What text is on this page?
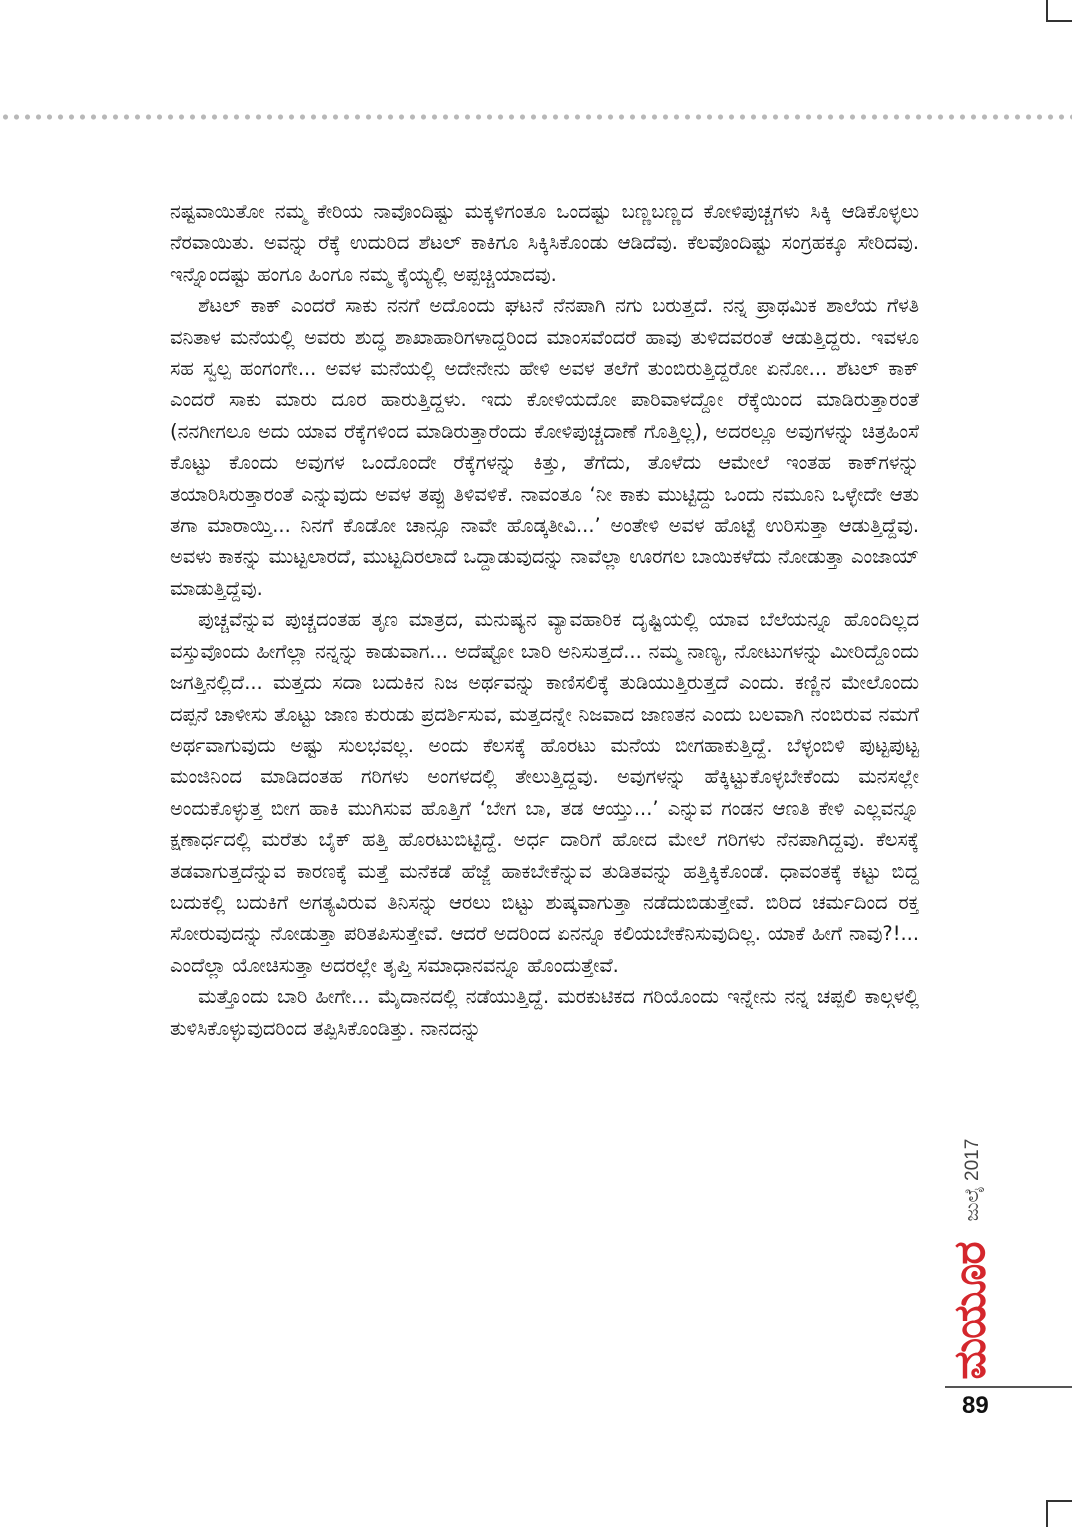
ನಷ್ಟವಾಯಿತೋ ನಮ್ಮ ಕೇರಿಯ ನಾವೊಂದಿಷ್ಟು ಮಕ್ಕಳಿಗಂತೂ ಒಂದಷ್ಟು ಬಣ್ಣಬಣ್ಣದ ಕೋಳಿಪುಚ್ಚಗಳು ಸಿಕ್ಕಿ ಆಡಿಕೊಳ್ಳಲು ನೆರವಾಯಿತು. ಅವನ್ನು ರೆಕ್ಕೆ ಉದುರಿದ ಶೆಟಲ್ ಕಾಕಿಗೂ ಸಿಕ್ಕಿಸಿಕೊಂಡು ಆಡಿದೆವು. ಕೆಲವೊಂದಿಷ್ಟು ಸಂಗ್ರಹಕ್ಕೂ ಸೇರಿದವು. ಇನ್ನೊಂದಷ್ಟು ಹಂಗೂ ಹಿಂಗೂ ನಮ್ಮ ಕೈಯ್ಯಲ್ಲಿ ಅಪ್ಪಚ್ಚಿಯಾದವು.

ಶೆಟಲ್ ಕಾಕ್ ಎಂದರೆ ಸಾಕು ನನಗೆ ಅದೊಂದು ಘಟನೆ ನೆನಪಾಗಿ ನಗು ಬರುತ್ತದೆ. ನನ್ನ ಪ್ರಾಥಮಿಕ ಶಾಲೆಯ ಗೆಳತಿ ವನಿತಾಳ ಮನೆಯಲ್ಲಿ ಅವರು ಶುದ್ಧ ಶಾಖಾಹಾರಿಗಳಾದ್ದರಿಂದ ಮಾಂಸವೆಂದರೆ ಹಾವು ತುಳಿದವರಂತೆ ಆಡುತ್ತಿದ್ದರು. ಇವಳೂ ಸಹ ಸ್ವಲ್ಪ ಹಂಗಂಗೇ... ಅವಳ ಮನೆಯಲ್ಲಿ ಅದೇನೇನು ಹೇಳಿ ಅವಳ ತಲೆಗೆ ತುಂಬಿರುತ್ತಿದ್ದರೋ ಏನೋ... ಶೆಟಲ್ ಕಾಕ್ ಎಂದರೆ ಸಾಕು ಮಾರು ದೂರ ಹಾರುತ್ತಿದ್ದಳು. ಇದು ಕೋಳಿಯದೋ ಪಾರಿವಾಳದ್ದೋ ರೆಕ್ಕೆಯಿಂದ ಮಾಡಿರುತ್ತಾರಂತೆ (ನನಗೀಗಲೂ ಅದು ಯಾವ ರೆಕ್ಕೆಗಳಿಂದ ಮಾಡಿರುತ್ತಾರೆಂದು ಕೋಳಿಪುಚ್ಚದಾಣೆ ಗೊತ್ತಿಲ್ಲ), ಅದರಲ್ಲೂ ಅವುಗಳನ್ನು ಚಿತ್ರಹಿಂಸೆ ಕೊಟ್ಟು ಕೊಂದು ಅವುಗಳ ಒಂದೊಂದೇ ರೆಕ್ಕೆಗಳನ್ನು ಕಿತ್ತು, ತೆಗೆದು, ತೊಳೆದು ಆಮೇಲೆ ಇಂತಹ ಕಾಕ್‌ಗಳನ್ನು ತಯಾರಿಸಿರುತ್ತಾರಂತೆ ಎನ್ನುವುದು ಅವಳ ತಪ್ಪು ತಿಳಿವಳಿಕೆ. ನಾವಂತೂ ‘ನೀ ಕಾಕು ಮುಟ್ಟಿದ್ದು ಒಂದು ನಮೂನಿ ಒಳ್ಳೇದೇ ಆತು ತಗಾ ಮಾರಾಯ್ತಿ... ನಿನಗೆ ಕೊಡೋ ಚಾನ್ಸೂ ನಾವೇ ಹೊಡ್ಕತೀವಿ...’ ಅಂತೇಳಿ ಅವಳ ಹೊಟ್ಟೆ ಉರಿಸುತ್ತಾ ಆಡುತ್ತಿದ್ದೆವು. ಅವಳು ಕಾಕನ್ನು ಮುಟ್ಟಲಾರದೆ, ಮುಟ್ಟದಿರಲಾದೆ ಒದ್ದಾಡುವುದನ್ನು ನಾವೆಲ್ಲಾ ಊರಗಲ ಬಾಯಿಕಳೆದು ನೋಡುತ್ತಾ ಎಂಜಾಯ್ ಮಾಡುತ್ತಿದ್ದೆವು.

ಪುಚ್ಚವೆನ್ನುವ ಪುಚ್ಚದಂತಹ ತೃಣ ಮಾತ್ರದ, ಮನುಷ್ಯನ ವ್ಯಾವಹಾರಿಕ ದೃಷ್ಟಿಯಲ್ಲಿ ಯಾವ ಬೆಲೆಯನ್ನೂ ಹೊಂದಿಲ್ಲದ ವಸ್ತುವೊಂದು ಹೀಗೆಲ್ಲಾ ನನ್ನನ್ನು ಕಾಡುವಾಗ... ಅದೆಷ್ಟೋ ಬಾರಿ ಅನಿಸುತ್ತದೆ... ನಮ್ಮ ನಾಣ್ಯ, ನೋಟುಗಳನ್ನು ಮೀರಿದ್ದೊಂದು ಜಗತ್ತಿನಲ್ಲಿದೆ... ಮತ್ತದು ಸದಾ ಬದುಕಿನ ನಿಜ ಅರ್ಥವನ್ನು ಕಾಣಿಸಲಿಕ್ಕೆ ತುಡಿಯುತ್ತಿರುತ್ತದೆ ಎಂದು. ಕಣ್ಣಿನ ಮೇಲೊಂದು ದಪ್ಪನೆ ಚಾಳೀಸು ತೊಟ್ಟು ಜಾಣ ಕುರುಡು ಪ್ರದರ್ಶಿಸುವ, ಮತ್ತದನ್ನೇ ನಿಜವಾದ ಜಾಣತನ ಎಂದು ಬಲವಾಗಿ ನಂಬಿರುವ ನಮಗೆ ಅರ್ಥವಾಗುವುದು ಅಷ್ಟು ಸುಲಭವಲ್ಲ. ಅಂದು ಕೆಲಸಕ್ಕೆ ಹೊರಟು ಮನೆಯ ಬೀಗಹಾಕುತ್ತಿದ್ದೆ. ಬೆಳ್ಳಂಬಿಳಿ ಪುಟ್ಟಪುಟ್ಟ ಮಂಜಿನಿಂದ ಮಾಡಿದಂತಹ ಗರಿಗಳು ಅಂಗಳದಲ್ಲಿ ತೇಲುತ್ತಿದ್ದವು. ಅವುಗಳನ್ನು ಹೆಕ್ಕಿಟ್ಟುಕೊಳ್ಳಬೇಕೆಂದು ಮನಸಲ್ಲೇ ಅಂದುಕೊಳ್ಳುತ್ತ ಬೀಗ ಹಾಕಿ ಮುಗಿಸುವ ಹೊತ್ತಿಗೆ ‘ಬೇಗ ಬಾ, ತಡ ಆಯ್ತು...’ ಎನ್ನುವ ಗಂಡನ ಆಣತಿ ಕೇಳಿ ಎಲ್ಲವನ್ನೂ ಕ್ಷಣಾರ್ಧದಲ್ಲಿ ಮರೆತು ಬೈಕ್ ಹತ್ತಿ ಹೊರಟುಬಿಟ್ಟಿದ್ದೆ. ಅರ್ಧ ದಾರಿಗೆ ಹೋದ ಮೇಲೆ ಗರಿಗಳು ನೆನಪಾಗಿದ್ದವು. ಕೆಲಸಕ್ಕೆ ತಡವಾಗುತ್ತದೆನ್ನುವ ಕಾರಣಕ್ಕೆ ಮತ್ತೆ ಮನೆಕಡೆ ಹೆಜ್ಜೆ ಹಾಕಬೇಕೆನ್ನುವ ತುಡಿತವನ್ನು ಹತ್ತಿಕ್ಕಿಕೊಂಡೆ. ಧಾವಂತಕ್ಕೆ ಕಟ್ಟು ಬಿದ್ದ ಬದುಕಲ್ಲಿ ಬದುಕಿಗೆ ಅಗತ್ಯವಿರುವ ತಿನಿಸನ್ನು ಆರಲು ಬಿಟ್ಟು ಶುಷ್ಕವಾಗುತ್ತಾ ನಡೆದುಬಿಡುತ್ತೇವೆ. ಬಿರಿದ ಚರ್ಮದಿಂದ ರಕ್ತ ಸೋರುವುದನ್ನು ನೋಡುತ್ತಾ ಪರಿತಪಿಸುತ್ತೇವೆ. ಆದರೆ ಅದರಿಂದ ಏನನ್ನೂ ಕಲಿಯಬೇಕೆನಿಸುವುದಿಲ್ಲ. ಯಾಕೆ ಹೀಗೆ ನಾವು?!... ಎಂದೆಲ್ಲಾ ಯೋಚಿಸುತ್ತಾ ಅದರಲ್ಲೇ ತೃಪ್ತಿ ಸಮಾಧಾನವನ್ನೂ ಹೊಂದುತ್ತೇವೆ.

ಮತ್ತೊಂದು ಬಾರಿ ಹೀಗೇ... ಮೈದಾನದಲ್ಲಿ ನಡೆಯುತ್ತಿದ್ದೆ. ಮರಕುಟಿಕದ ಗರಿಯೊಂದು ಇನ್ನೇನು ನನ್ನ ಚಪ್ಪಲಿ ಕಾಲ್ಗಳಲ್ಲಿ ತುಳಿಸಿಕೊಳ್ಳುವುದರಿಂದ ತಪ್ಪಿಸಿಕೊಂಡಿತ್ತು. ನಾನದನ್ನು

ಜುಲೈ 2017
ಮಯೂರ
89
